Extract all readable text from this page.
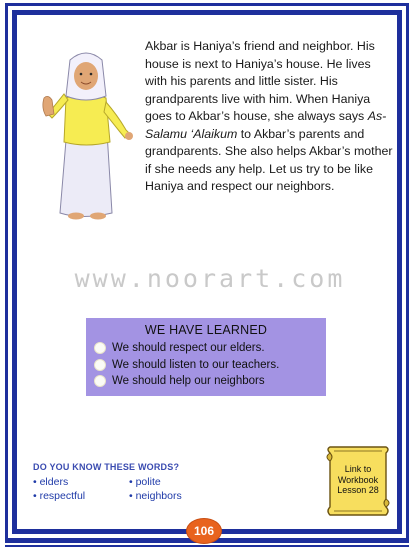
Akbar is Haniya’s friend and neighbor. His house is next to Haniya’s house. He lives with his parents and little sister. His grandparents live with him. When Haniya goes to Akbar’s house, she always says As-Salamu ‘Alaikum to Akbar’s parents and grandparents. She also helps Akbar’s mother if she needs any help. Let us try to be like Haniya and respect our neighbors.

www.noorart.com
WE HAVE LEARNED
We should respect our elders.
We should listen to our teachers.
We should help our neighbors
DO YOU KNOW THESE WORDS?
• elders	• polite
• respectful	• neighbors
Link to
Workbook
Lesson 28
106
